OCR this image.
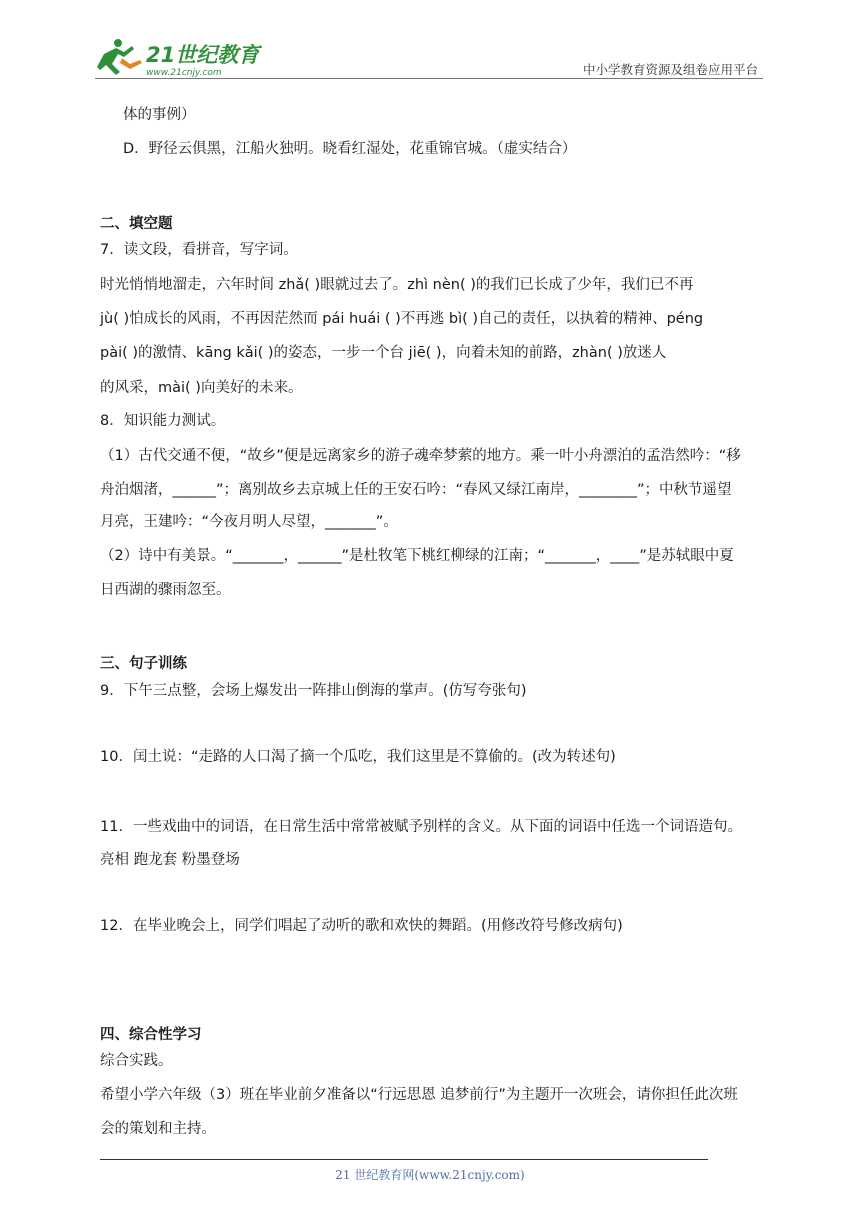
21世纪教育
www.21cnjy.com	中小学教育资源及组卷应用平台
体的事例）
D．野径云俱黑，江船火独明。晓看红湿处，花重锦官城。（虚实结合）
二、填空题
7．读文段，看拼音，写字词。
时光悄悄地溜走，六年时间 zhǎ( )眼就过去了。zhì nèn( )的我们已长成了少年，我们已不再
jù( )怕成长的风雨，不再因茫然而 pái huái ( )不再逃 bì( )自己的责任，以执着的精神、péng
pài( )的激情、kāng kǎi( )的姿态，一步一个台 jiē( )，向着未知的前路，zhàn( )放迷人
的风采，mài( )向美好的未来。
8．知识能力测试。
（1）古代交通不便，“故乡”便是远离家乡的游子魂牵梦萦的地方。乘一叶小舟漂泊的孟浩然吟：“移
舟泊烟渚，______”；离别故乡去京城上任的王安石吟：“春风又绿江南岸，________”；中秋节遥望
月亮，王建吟：“今夜月明人尽望，_______”。
（2）诗中有美景。“_______，______”是杜牧笔下桃红柳绿的江南；“_______，____”是苏轼眼中夏
日西湖的骤雨忽至。
三、句子训练
9．下午三点整，会场上爆发出一阵排山倒海的掌声。(仿写夸张句)
10．闰土说：“走路的人口渴了摘一个瓜吃，我们这里是不算偷的。(改为转述句)
11．一些戏曲中的词语，在日常生活中常常被赋予别样的含义。从下面的词语中任选一个词语造句。
亮相 跑龙套 粉墨登场
12．在毕业晚会上，同学们唱起了动听的歌和欢快的舞蹈。(用修改符号修改病句)
四、综合性学习
综合实践。
希望小学六年级（3）班在毕业前夕准备以“行远思恩 追梦前行”为主题开一次班会，请你担任此次班
会的策划和主持。
21 世纪教育网(www.21cnjy.com)
